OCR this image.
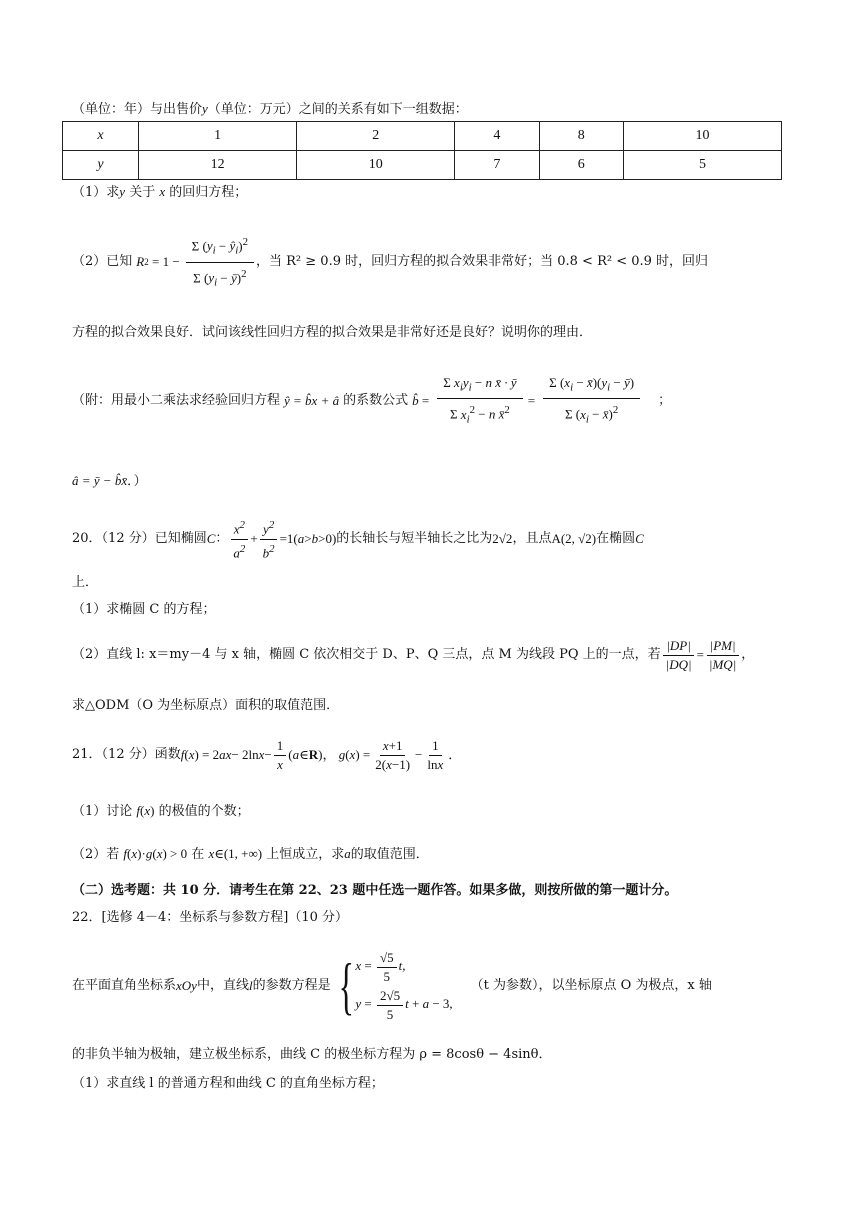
（单位：年）与出售价y（单位：万元）之间的关系有如下一组数据：
x	1	2	4	8	10
y	12	10	7	6	5
（1）求y 关于 x 的回归方程；
（2）已知 R $2 = 1 - \frac{\Sigma (y_i - ŷ_i)^2}{\Sigma (y_i - ȳ)^2}$ ，当 R² ≥ 0.9 时，回归方程的拟合效果非常好；当 0.8 < R² < 0.9 时，回归
方程的拟合效果良好．试问该线性回归方程的拟合效果是非常好还是良好？说明你的理由．
（附：用最小二乘法求经验回归方程 ŷ = b̂x + â 的系数公式 b̂ = $\frac{\Sigma x_iy_i - n x̄ \cdot ȳ}{\Sigma x_i^2 - n x̄^2} = \frac{\Sigma (x_i - x̄)(y_i - ȳ)}{\Sigma (x_i - x̄)^2}$ ；
â = ȳ − b̂x̄．）
20．（12 分）已知椭圆 C ： $\frac{x^2}{a^2} + \frac{y^2}{b^2} =1$( a > b >0) 的长轴长与短半轴长之比为 2√2 ，且点 A(2, √2) 在椭圆 C
上．
（1）求椭圆 C 的方程；
（2）直线 l: x＝my－4 与 x 轴，椭圆 C 依次相交于 D、P、Q 三点，点 M 为线段 PQ 上的一点，若 $\frac{|DP|}{|DQ|} = \frac{|PM|}{|MQ|}$ ，
求△ODM（O 为坐标原点）面积的取值范围．
21．（12 分）函数 f ( x ) = 2 ax − 2ln $x - \frac{1}{x}$ ( a ∈ R )， g ( x ) = $\frac{x+1}{2(x-1)} - \frac{1}{\ln x}$ ．
（1）讨论 f(x) 的极值的个数；
（2）若 f(x)·g(x) > 0 在 x∈(1, +∞) 上恒成立，求a的取值范围．
（二）选考题：共 10 分．请考生在第 22、23 题中任选一题作答。如果多做，则按所做的第一题计分。
22．[选修 4－4：坐标系与参数方程]（10 分）
在平面直角坐标系 xOy 中，直线 l 的参数方程是 { $x = \frac{√5}{5} t$,
$y = \frac{2√5}{5}$ t + a − 3,
（t 为参数），以坐标原点 O 为极点，x 轴
的非负半轴为极轴，建立极坐标系，曲线 C 的极坐标方程为 ρ = 8cosθ − 4sinθ．
（1）求直线 l 的普通方程和曲线 C 的直角坐标方程；
